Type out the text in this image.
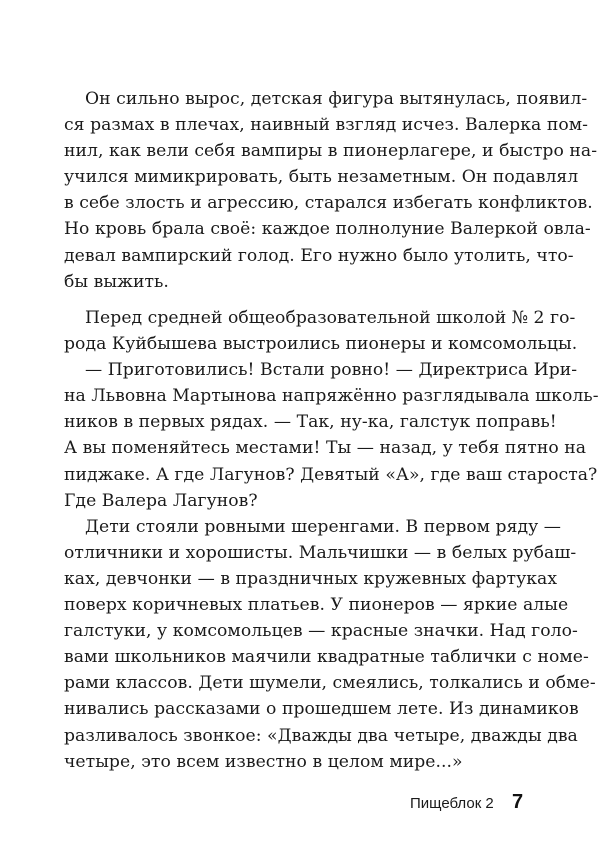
Он сильно вырос, детская фигура вытянулась, появил-
ся размах в плечах, наивный взгляд исчез. Валерка пом-
нил, как вели себя вампиры в пионерлагере, и быстро на-
учился мимикрировать, быть незаметным. Он подавлял
в себе злость и агрессию, старался избегать конфликтов.
Но кровь брала своё: каждое полнолуние Валеркой овла-
девал вампирский голод. Его нужно было утолить, что-
бы выжить.
Перед средней общеобразовательной школой № 2 го-
рода Куйбышева выстроились пионеры и комсомольцы.
— Приготовились! Встали ровно! — Директриса Ири-
на Львовна Мартынова напряжённо разглядывала школь-
ников в первых рядах. — Так, ну-ка, галстук поправь!
А вы поменяйтесь местами! Ты — назад, у тебя пятно на
пиджаке. А где Лагунов? Девятый «А», где ваш староста?
Где Валера Лагунов?
Дети стояли ровными шеренгами. В первом ряду —
отличники и хорошисты. Мальчишки — в белых рубаш-
ках, девчонки — в праздничных кружевных фартуках
поверх коричневых платьев. У пионеров — яркие алые
галстуки, у комсомольцев — красные значки. Над голо-
вами школьников маячили квадратные таблички с номе-
рами классов. Дети шумели, смеялись, толкались и обме-
нивались рассказами о прошедшем лете. Из динамиков
разливалось звонкое: «Дважды два четыре, дважды два
четыре, это всем известно в целом мире...»
Пищеблок 2 7
